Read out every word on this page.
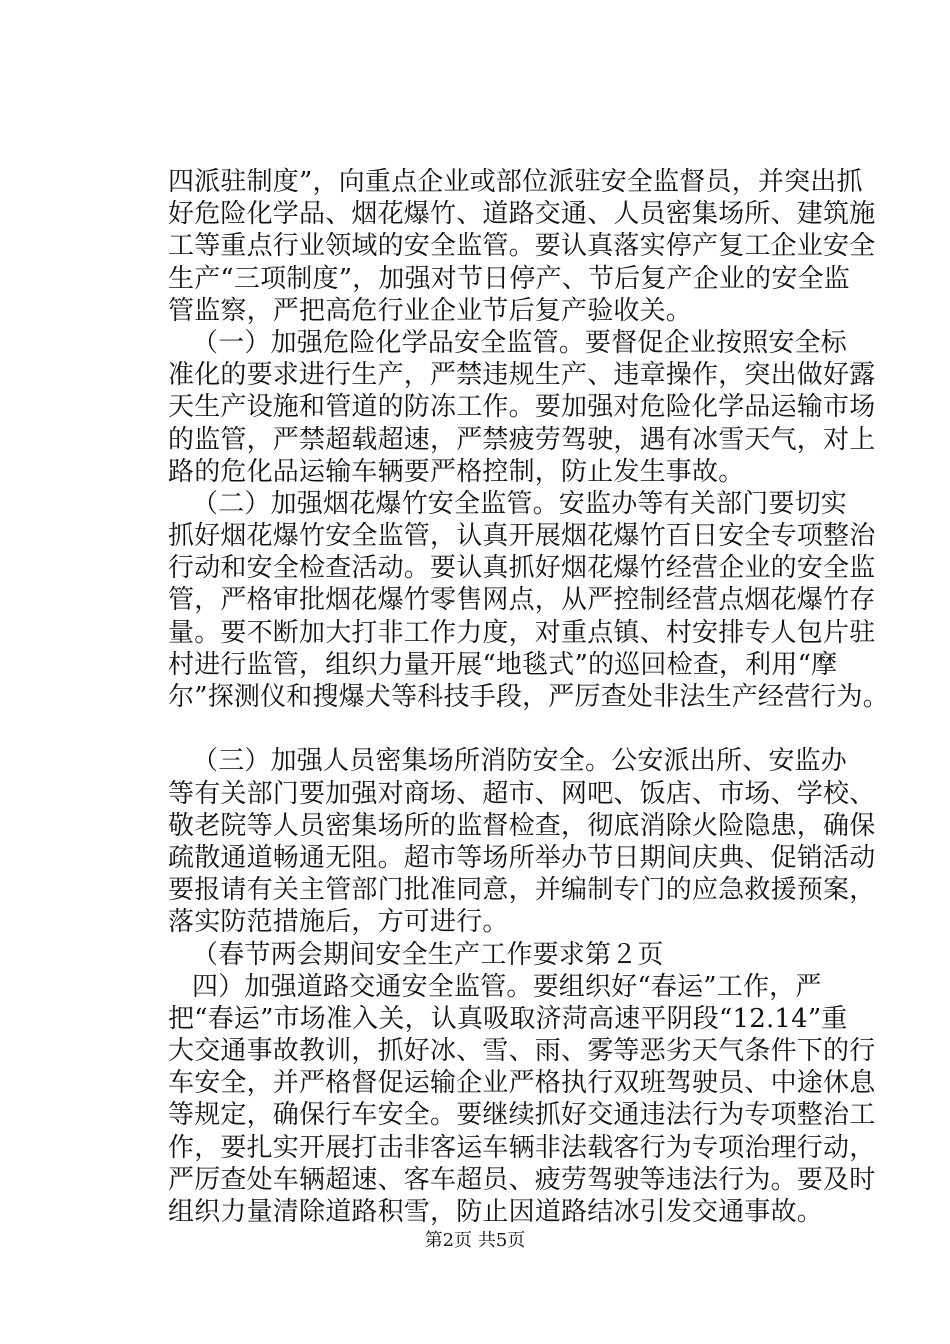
四派驻制度”，向重点企业或部位派驻安全监督员，并突出抓
好危险化学品、烟花爆竹、道路交通、人员密集场所、建筑施
工等重点行业领域的安全监管。要认真落实停产复工企业安全
生产“三项制度”，加强对节日停产、节后复产企业的安全监
管监察，严把高危行业企业节后复产验收关。
（一）加强危险化学品安全监管。要督促企业按照安全标
准化的要求进行生产，严禁违规生产、违章操作，突出做好露
天生产设施和管道的防冻工作。要加强对危险化学品运输市场
的监管，严禁超载超速，严禁疲劳驾驶，遇有冰雪天气，对上
路的危化品运输车辆要严格控制，防止发生事故。
（二）加强烟花爆竹安全监管。安监办等有关部门要切实
抓好烟花爆竹安全监管，认真开展烟花爆竹百日安全专项整治
行动和安全检查活动。要认真抓好烟花爆竹经营企业的安全监
管，严格审批烟花爆竹零售网点，从严控制经营点烟花爆竹存
量。要不断加大打非工作力度，对重点镇、村安排专人包片驻
村进行监管，组织力量开展“地毯式”的巡回检查，利用“摩
尔”探测仪和搜爆犬等科技手段，严厉查处非法生产经营行为。
（三）加强人员密集场所消防安全。公安派出所、安监办
等有关部门要加强对商场、超市、网吧、饭店、市场、学校、
敬老院等人员密集场所的监督检查，彻底消除火险隐患，确保
疏散通道畅通无阻。超市等场所举办节日期间庆典、促销活动
要报请有关主管部门批准同意，并编制专门的应急救援预案，
落实防范措施后，方可进行。
（春节两会期间安全生产工作要求第２页
四）加强道路交通安全监管。要组织好“春运”工作，严
把“春运”市场准入关，认真吸取济菏高速平阴段“12.14”重
大交通事故教训，抓好冰、雪、雨、雾等恶劣天气条件下的行
车安全，并严格督促运输企业严格执行双班驾驶员、中途休息
等规定，确保行车安全。要继续抓好交通违法行为专项整治工
作，要扎实开展打击非客运车辆非法载客行为专项治理行动，
严厉查处车辆超速、客车超员、疲劳驾驶等违法行为。要及时
组织力量清除道路积雪，防止因道路结冰引发交通事故。
第2页 共5页
